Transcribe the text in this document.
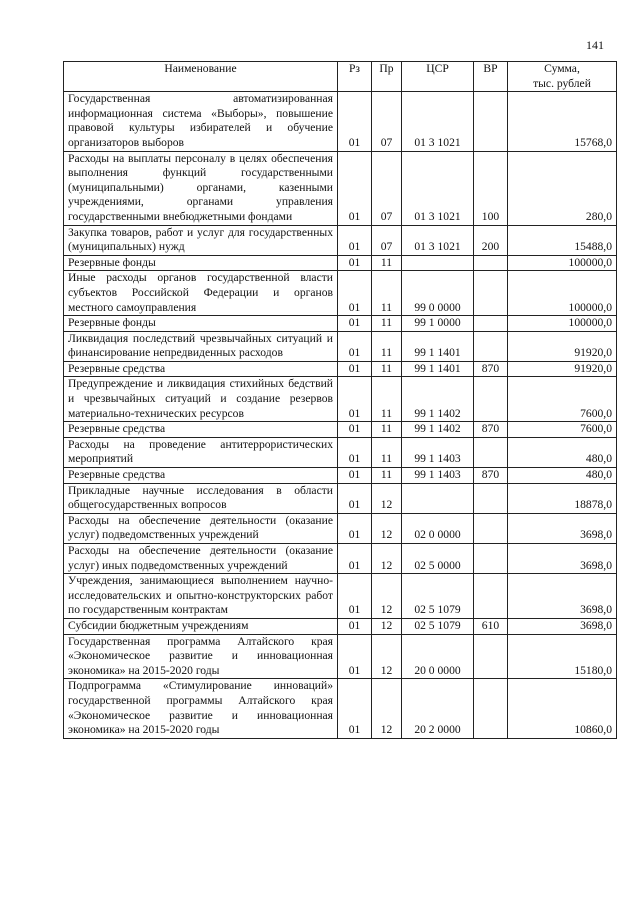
141
Наименование	Рз	Пр	ЦСР	ВР	Сумма,
тыс. рублей

Государственная автоматизированная информационная система «Выборы», повышение правовой культуры избирателей и обучение организаторов выборов	01	07	01 3 1021		15768,0
Расходы на выплаты персоналу в целях обеспечения выполнения функций государственными (муниципальными) органами, казенными учреждениями, органами управления государственными внебюджетными фондами	01	07	01 3 1021	100	280,0
Закупка товаров, работ и услуг для государственных (муниципальных) нужд	01	07	01 3 1021	200	15488,0
Резервные фонды	01	11			100000,0
Иные расходы органов государственной власти субъектов Российской Федерации и органов местного самоуправления	01	11	99 0 0000		100000,0
Резервные фонды	01	11	99 1 0000		100000,0
Ликвидация последствий чрезвычайных ситуаций и финансирование непредвиденных расходов	01	11	99 1 1401		91920,0
Резервные средства	01	11	99 1 1401	870	91920,0
Предупреждение и ликвидация стихийных бедствий и чрезвычайных ситуаций и создание резервов материально-технических ресурсов	01	11	99 1 1402		7600,0
Резервные средства	01	11	99 1 1402	870	7600,0
Расходы на проведение антитеррористических мероприятий	01	11	99 1 1403		480,0
Резервные средства	01	11	99 1 1403	870	480,0
Прикладные научные исследования в области общегосударственных вопросов	01	12			18878,0
Расходы на обеспечение деятельности (оказание услуг) подведомственных учреждений	01	12	02 0 0000		3698,0
Расходы на обеспечение деятельности (оказание услуг) иных подведомственных учреждений	01	12	02 5 0000		3698,0
Учреждения, занимающиеся выполнением научно-исследовательских и опытно-конструкторских работ по государственным контрактам	01	12	02 5 1079		3698,0
Субсидии бюджетным учреждениям	01	12	02 5 1079	610	3698,0
Государственная программа Алтайского края «Экономическое развитие и инновационная экономика» на 2015-2020 годы	01	12	20 0 0000		15180,0
Подпрограмма «Стимулирование инноваций» государственной программы Алтайского края «Экономическое развитие и инновационная экономика» на 2015-2020 годы	01	12	20 2 0000		10860,0
